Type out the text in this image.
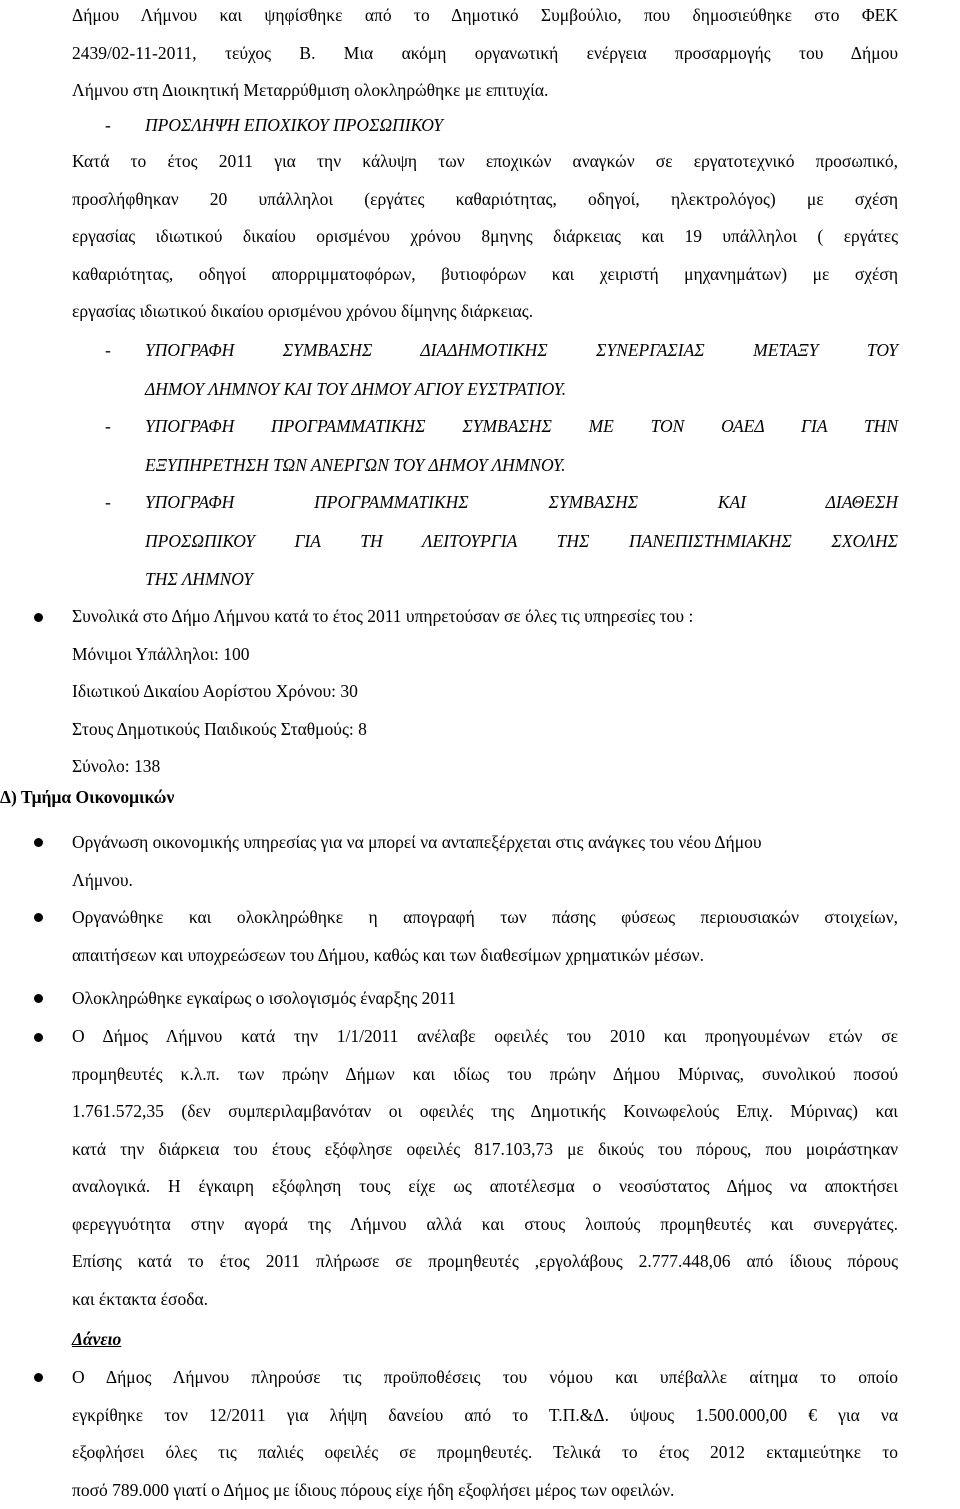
Δήμου Λήμνου και ψηφίσθηκε από το Δημοτικό Συμβούλιο, που δημοσιεύθηκε στο ΦΕΚ
2439/02-11-2011, τεύχος Β. Μια ακόμη οργανωτική ενέργεια προσαρμογής του Δήμου
Λήμνου στη Διοικητική Μεταρρύθμιση ολοκληρώθηκε με επιτυχία.
- ΠΡΟΣΛΗΨΗ ΕΠΟΧΙΚΟΥ ΠΡΟΣΩΠΙΚΟΥ
Κατά το έτος 2011 για την κάλυψη των εποχικών αναγκών σε εργατοτεχνικό προσωπικό,
προσλήφθηκαν 20 υπάλληλοι (εργάτες καθαριότητας, οδηγοί, ηλεκτρολόγος) με σχέση
εργασίας ιδιωτικού δικαίου ορισμένου χρόνου 8μηνης διάρκειας και 19 υπάλληλοι ( εργάτες
καθαριότητας, οδηγοί απορριμματοφόρων, βυτιοφόρων και χειριστή μηχανημάτων) με σχέση
εργασίας ιδιωτικού δικαίου ορισμένου χρόνου δίμηνης διάρκειας.
- ΥΠΟΓΡΑΦΗ ΣΥΜΒΑΣΗΣ ΔΙΑΔΗΜΟΤΙΚΗΣ ΣΥΝΕΡΓΑΣΙΑΣ ΜΕΤΑΞΥ ΤΟΥ
ΔΗΜΟΥ ΛΗΜΝΟΥ ΚΑΙ ΤΟΥ ΔΗΜΟΥ ΑΓΙΟΥ ΕΥΣΤΡΑΤΙΟΥ.
- ΥΠΟΓΡΑΦΗ ΠΡΟΓΡΑΜΜΑΤΙΚΗΣ ΣΥΜΒΑΣΗΣ ΜΕ ΤΟΝ ΟΑΕΔ ΓΙΑ ΤΗΝ
ΕΞΥΠΗΡΕΤΗΣΗ ΤΩΝ ΑΝΕΡΓΩΝ ΤΟΥ ΔΗΜΟΥ ΛΗΜΝΟΥ.
- ΥΠΟΓΡΑΦΗ ΠΡΟΓΡΑΜΜΑΤΙΚΗΣ ΣΥΜΒΑΣΗΣ ΚΑΙ ΔΙΑΘΕΣΗ
ΠΡΟΣΩΠΙΚΟΥ ΓΙΑ ΤΗ ΛΕΙΤΟΥΡΓΙΑ ΤΗΣ ΠΑΝΕΠΙΣΤΗΜΙΑΚΗΣ ΣΧΟΛΗΣ
ΤΗΣ ΛΗΜΝΟΥ
Συνολικά στο Δήμο Λήμνου κατά το έτος 2011 υπηρετούσαν σε όλες τις υπηρεσίες του :
Μόνιμοι Υπάλληλοι: 100
Ιδιωτικού Δικαίου Αορίστου Χρόνου: 30
Στους Δημοτικούς Παιδικούς Σταθμούς: 8
Σύνολο: 138
Δ) Τμήμα Οικονομικών
Οργάνωση οικονομικής υπηρεσίας για να μπορεί να ανταπεξέρχεται στις ανάγκες του νέου Δήμου
Λήμνου.
Οργανώθηκε και ολοκληρώθηκε η απογραφή των πάσης φύσεως περιουσιακών στοιχείων,
απαιτήσεων και υποχρεώσεων του Δήμου, καθώς και των διαθεσίμων χρηματικών μέσων.
Ολοκληρώθηκε εγκαίρως ο ισολογισμός έναρξης 2011
Ο Δήμος Λήμνου κατά την 1/1/2011 ανέλαβε οφειλές του 2010 και προηγουμένων ετών σε
προμηθευτές κ.λ.π. των πρώην Δήμων και ιδίως του πρώην Δήμου Μύρινας, συνολικού ποσού
1.761.572,35 (δεν συμπεριλαμβανόταν οι οφειλές της Δημοτικής Κοινωφελούς Επιχ. Μύρινας) και
κατά την διάρκεια του έτους εξόφλησε οφειλές 817.103,73 με δικούς του πόρους, που μοιράστηκαν
αναλογικά. Η έγκαιρη εξόφληση τους είχε ως αποτέλεσμα ο νεοσύστατος Δήμος να αποκτήσει
φερεγγυότητα στην αγορά της Λήμνου αλλά και στους λοιπούς προμηθευτές και συνεργάτες.
Επίσης κατά το έτος 2011 πλήρωσε σε προμηθευτές ,εργολάβους 2.777.448,06 από ίδιους πόρους
και έκτακτα έσοδα.
Δάνειο
Ο Δήμος Λήμνου πληρούσε τις προϋποθέσεις του νόμου και υπέβαλλε αίτημα το οποίο
εγκρίθηκε τον 12/2011 για λήψη δανείου από το Τ.Π.&Δ. ύψους 1.500.000,00 € για να
εξοφλήσει όλες τις παλιές οφειλές σε προμηθευτές. Τελικά το έτος 2012 εκταμιεύτηκε το
ποσό 789.000 γιατί ο Δήμος με ίδιους πόρους είχε ήδη εξοφλήσει μέρος των οφειλών.
